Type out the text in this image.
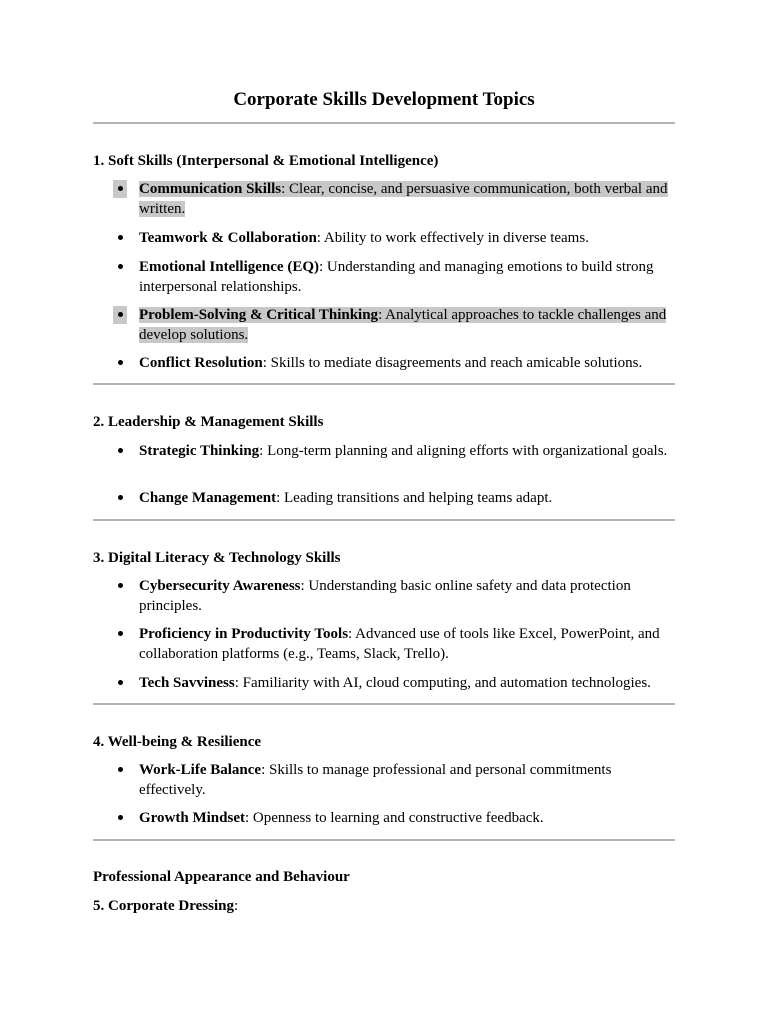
Corporate Skills Development Topics
1. Soft Skills (Interpersonal & Emotional Intelligence)
Communication Skills: Clear, concise, and persuasive communication, both verbal and written.
Teamwork & Collaboration: Ability to work effectively in diverse teams.
Emotional Intelligence (EQ): Understanding and managing emotions to build strong interpersonal relationships.
Problem-Solving & Critical Thinking: Analytical approaches to tackle challenges and develop solutions.
Conflict Resolution: Skills to mediate disagreements and reach amicable solutions.
2. Leadership & Management Skills
Strategic Thinking: Long-term planning and aligning efforts with organizational goals.
Change Management: Leading transitions and helping teams adapt.
3. Digital Literacy & Technology Skills
Cybersecurity Awareness: Understanding basic online safety and data protection principles.
Proficiency in Productivity Tools: Advanced use of tools like Excel, PowerPoint, and collaboration platforms (e.g., Teams, Slack, Trello).
Tech Savviness: Familiarity with AI, cloud computing, and automation technologies.
4. Well-being & Resilience
Work-Life Balance: Skills to manage professional and personal commitments effectively.
Growth Mindset: Openness to learning and constructive feedback.
Professional Appearance and Behaviour
5. Corporate Dressing:
